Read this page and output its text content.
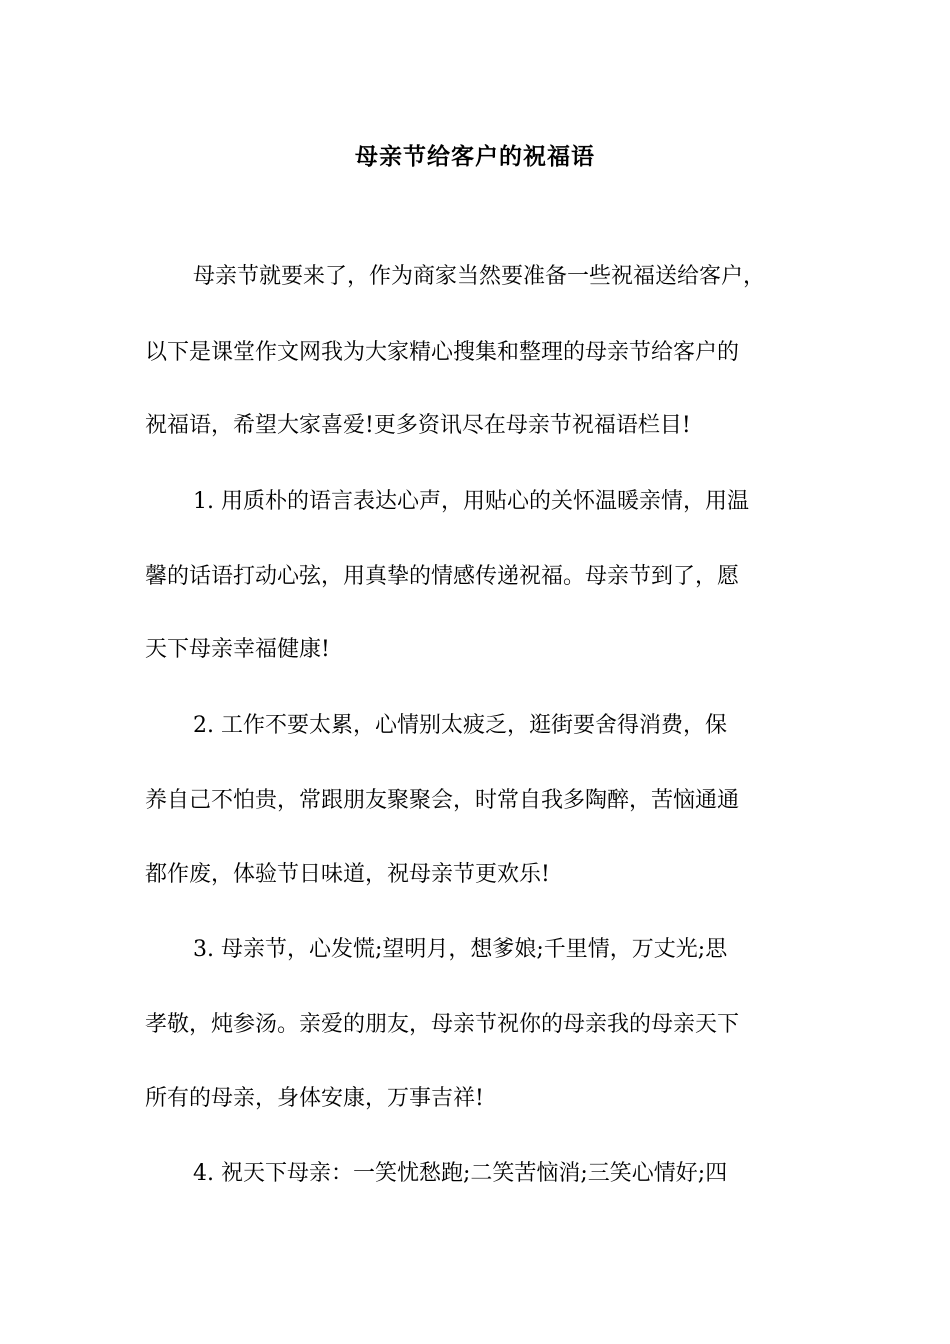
母亲节给客户的祝福语
母亲节就要来了，作为商家当然要准备一些祝福送给客户，
以下是课堂作文网我为大家精心搜集和整理的母亲节给客户的
祝福语，希望大家喜爱!更多资讯尽在母亲节祝福语栏目!
1. 用质朴的语言表达心声，用贴心的关怀温暖亲情，用温
馨的话语打动心弦，用真挚的情感传递祝福。母亲节到了，愿
天下母亲幸福健康!
2. 工作不要太累，心情别太疲乏，逛街要舍得消费，保
养自己不怕贵，常跟朋友聚聚会，时常自我多陶醉，苦恼通通
都作废，体验节日味道，祝母亲节更欢乐!
3. 母亲节，心发慌;望明月，想爹娘;千里情，万丈光;思
孝敬，炖参汤。亲爱的朋友，母亲节祝你的母亲我的母亲天下
所有的母亲，身体安康，万事吉祥!
4. 祝天下母亲：一笑忧愁跑;二笑苦恼消;三笑心情好;四
